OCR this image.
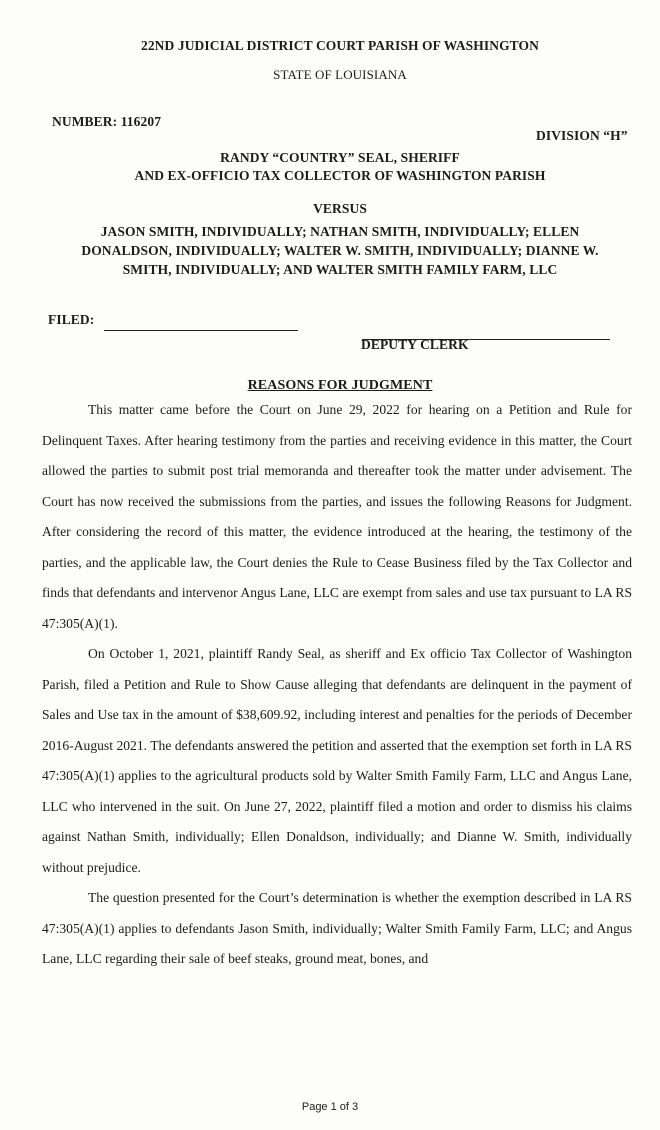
22ND JUDICIAL DISTRICT COURT PARISH OF WASHINGTON
STATE OF LOUISIANA
NUMBER: 116207
DIVISION “H”
RANDY “COUNTRY” SEAL, SHERIFF
AND EX-OFFICIO TAX COLLECTOR OF WASHINGTON PARISH
VERSUS
JASON SMITH, INDIVIDUALLY; NATHAN SMITH, INDIVIDUALLY; ELLEN
DONALDSON, INDIVIDUALLY; WALTER W. SMITH, INDIVIDUALLY; DIANNE W.
SMITH, INDIVIDUALLY; AND WALTER SMITH FAMILY FARM, LLC
FILED:
DEPUTY CLERK
REASONS FOR JUDGMENT

This matter came before the Court on June 29, 2022 for hearing on a Petition and Rule for Delinquent Taxes. After hearing testimony from the parties and receiving evidence in this matter, the Court allowed the parties to submit post trial memoranda and thereafter took the matter under advisement. The Court has now received the submissions from the parties, and issues the following Reasons for Judgment. After considering the record of this matter, the evidence introduced at the hearing, the testimony of the parties, and the applicable law, the Court denies the Rule to Cease Business filed by the Tax Collector and finds that defendants and intervenor Angus Lane, LLC are exempt from sales and use tax pursuant to LA RS 47:305(A)(1).

On October 1, 2021, plaintiff Randy Seal, as sheriff and Ex officio Tax Collector of Washington Parish, filed a Petition and Rule to Show Cause alleging that defendants are delinquent in the payment of Sales and Use tax in the amount of $38,609.92, including interest and penalties for the periods of December 2016-August 2021. The defendants answered the petition and asserted that the exemption set forth in LA RS 47:305(A)(1) applies to the agricultural products sold by Walter Smith Family Farm, LLC and Angus Lane, LLC who intervened in the suit. On June 27, 2022, plaintiff filed a motion and order to dismiss his claims against Nathan Smith, individually; Ellen Donaldson, individually; and Dianne W. Smith, individually without prejudice.

The question presented for the Court’s determination is whether the exemption described in LA RS 47:305(A)(1) applies to defendants Jason Smith, individually; Walter Smith Family Farm, LLC; and Angus Lane, LLC regarding their sale of beef steaks, ground meat, bones, and

Page 1 of 3
